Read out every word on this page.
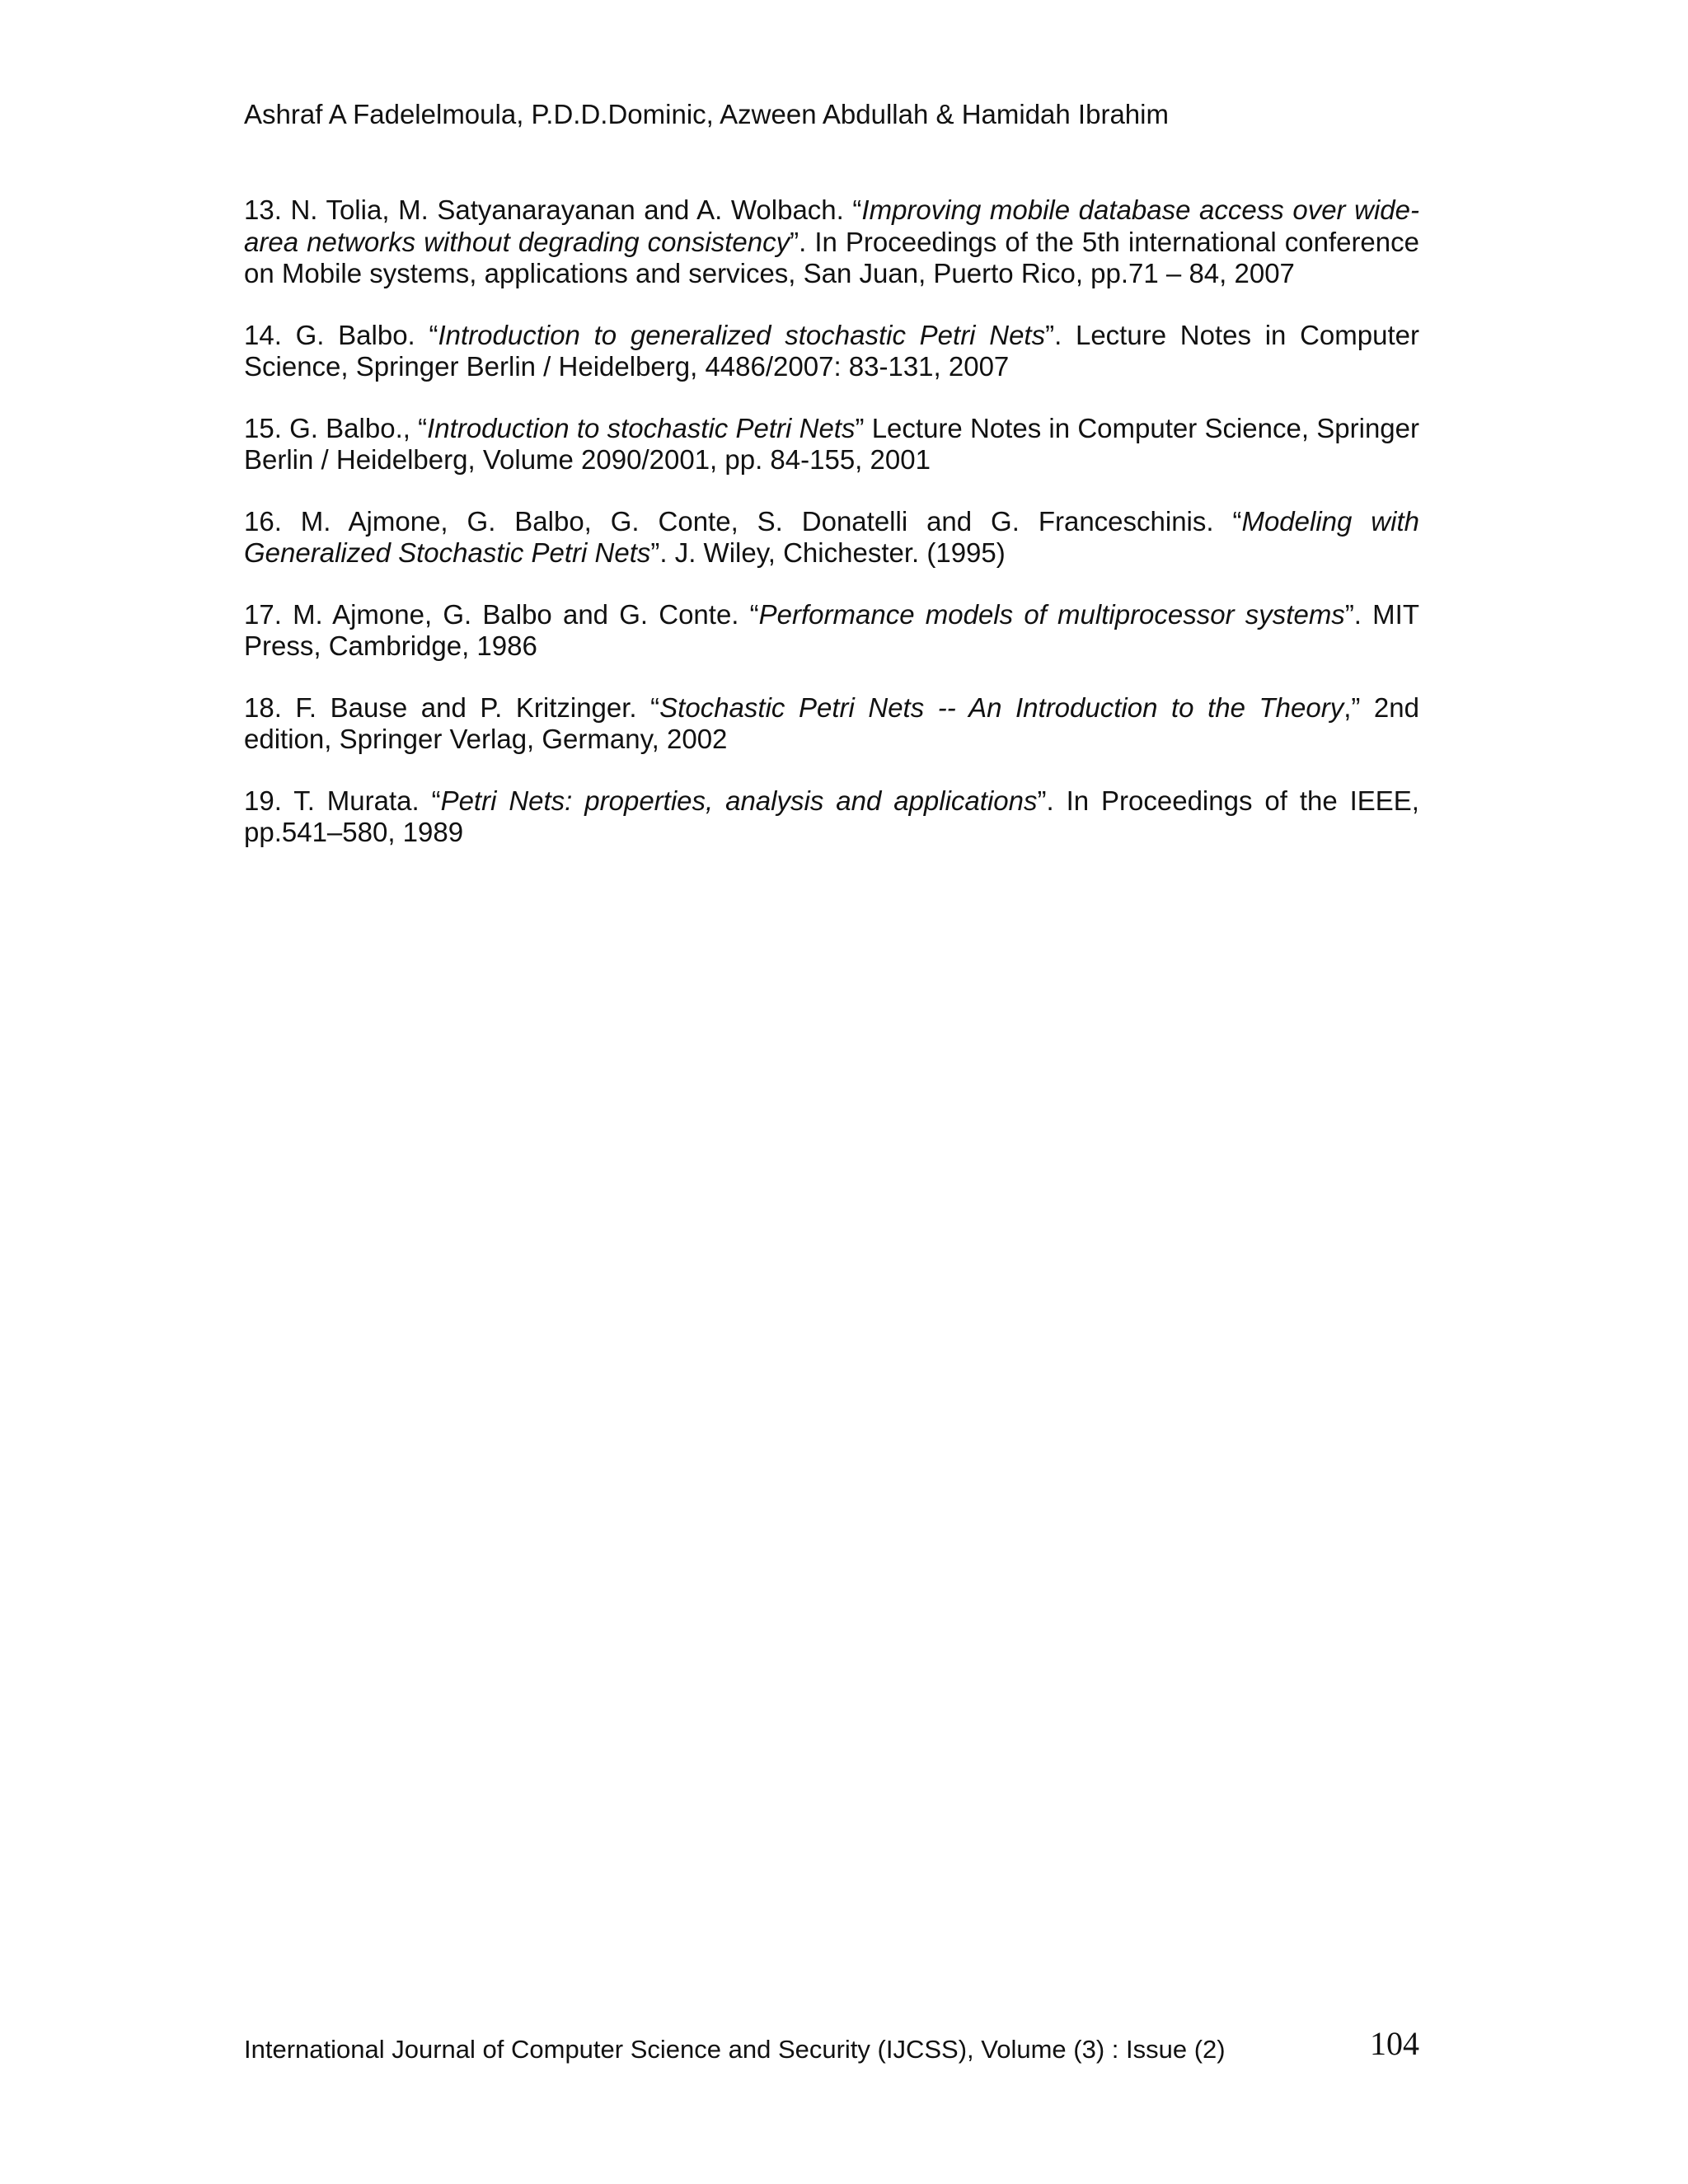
Ashraf A Fadelelmoula, P.D.D.Dominic, Azween Abdullah & Hamidah Ibrahim

13. N. Tolia, M. Satyanarayanan and A. Wolbach. “Improving mobile database access over wide-area networks without degrading consistency”. In Proceedings of the 5th international conference on Mobile systems, applications and services, San Juan, Puerto Rico, pp.71 – 84, 2007

14. G. Balbo. “Introduction to generalized stochastic Petri Nets”. Lecture Notes in Computer Science, Springer Berlin / Heidelberg, 4486/2007: 83-131, 2007

15. G. Balbo., “Introduction to stochastic Petri Nets” Lecture Notes in Computer Science, Springer Berlin / Heidelberg, Volume 2090/2001, pp. 84-155, 2001

16. M. Ajmone, G. Balbo, G. Conte, S. Donatelli and G. Franceschinis. “Modeling with Generalized Stochastic Petri Nets”. J. Wiley, Chichester. (1995)

17. M. Ajmone, G. Balbo and G. Conte. “Performance models of multiprocessor systems”. MIT Press, Cambridge, 1986

18. F. Bause and P. Kritzinger. “Stochastic Petri Nets -- An Introduction to the Theory,” 2nd edition, Springer Verlag, Germany, 2002

19. T. Murata. “Petri Nets: properties, analysis and applications”. In Proceedings of the IEEE, pp.541–580, 1989

International Journal of Computer Science and Security (IJCSS), Volume (3) : Issue (2)	104
